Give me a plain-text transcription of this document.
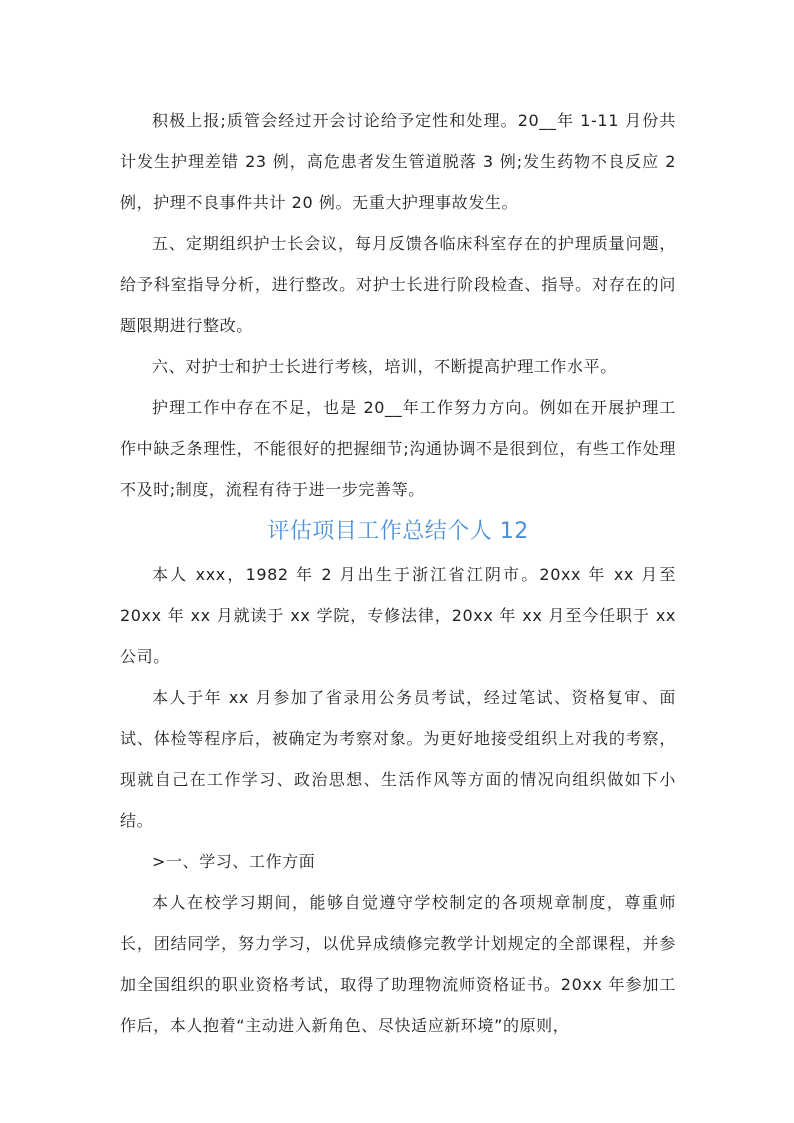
积极上报;质管会经过开会讨论给予定性和处理。20__年 1-11 月份共计发生护理差错 23 例，高危患者发生管道脱落 3 例;发生药物不良反应 2 例，护理不良事件共计 20 例。无重大护理事故发生。

五、定期组织护士长会议，每月反馈各临床科室存在的护理质量问题，给予科室指导分析，进行整改。对护士长进行阶段检查、指导。对存在的问题限期进行整改。

六、对护士和护士长进行考核，培训，不断提高护理工作水平。

护理工作中存在不足，也是 20__年工作努力方向。例如在开展护理工作中缺乏条理性，不能很好的把握细节;沟通协调不是很到位，有些工作处理不及时;制度，流程有待于进一步完善等。

评估项目工作总结个人 12

本人 xxx，1982 年 2 月出生于浙江省江阴市。20xx 年 xx 月至 20xx 年 xx 月就读于 xx 学院，专修法律，20xx 年 xx 月至今任职于 xx 公司。

本人于年 xx 月参加了省录用公务员考试，经过笔试、资格复审、面试、体检等程序后，被确定为考察对象。为更好地接受组织上对我的考察，现就自己在工作学习、政治思想、生活作风等方面的情况向组织做如下小结。

>一、学习、工作方面

本人在校学习期间，能够自觉遵守学校制定的各项规章制度，尊重师长，团结同学，努力学习，以优异成绩修完教学计划规定的全部课程，并参加全国组织的职业资格考试，取得了助理物流师资格证书。20xx 年参加工作后，本人抱着“主动进入新角色、尽快适应新环境”的原则，
